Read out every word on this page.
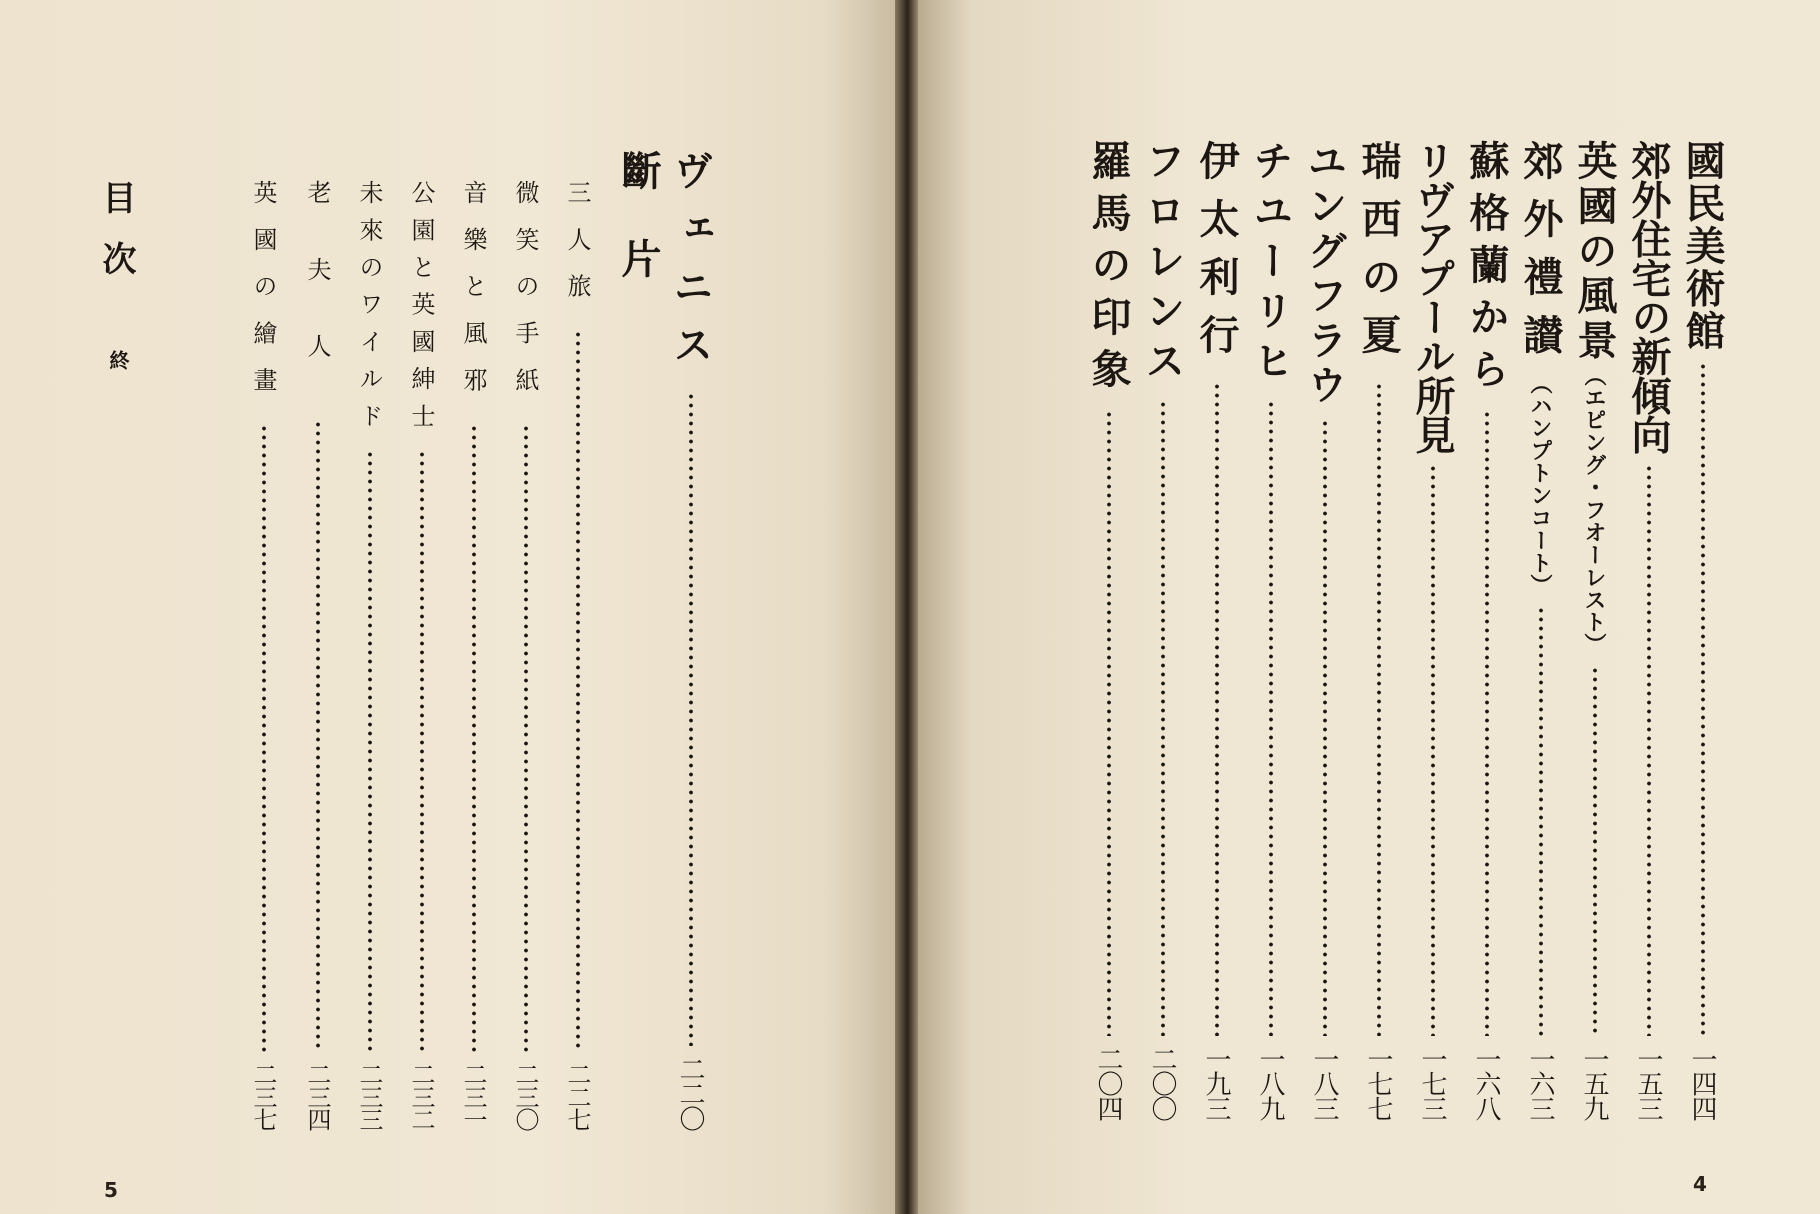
目次
終
三人旅
二二七
微笑の手紙
二三〇
音樂と風邪
二三一
公園と英國紳士
二三二
未來のワイルド
二三三
老夫人
二三四
英國の繪畫
二三七
斷片 ヴェニス
二二〇
5
國民美術館
一四四
郊外住宅の新傾向
一五三
英國の風景
（エピング・フオーレスト）
一五九
郊外禮讃
（ハンプトンコート）
一六三
蘇格蘭から
一六八
リヴアプール所見
一七三
瑞西の夏
一七七
ユングフラウ
一八三
チユーリヒ
一八九
伊太利行
一九三
フロレンス
二〇〇
羅馬の印象
二〇四
4
